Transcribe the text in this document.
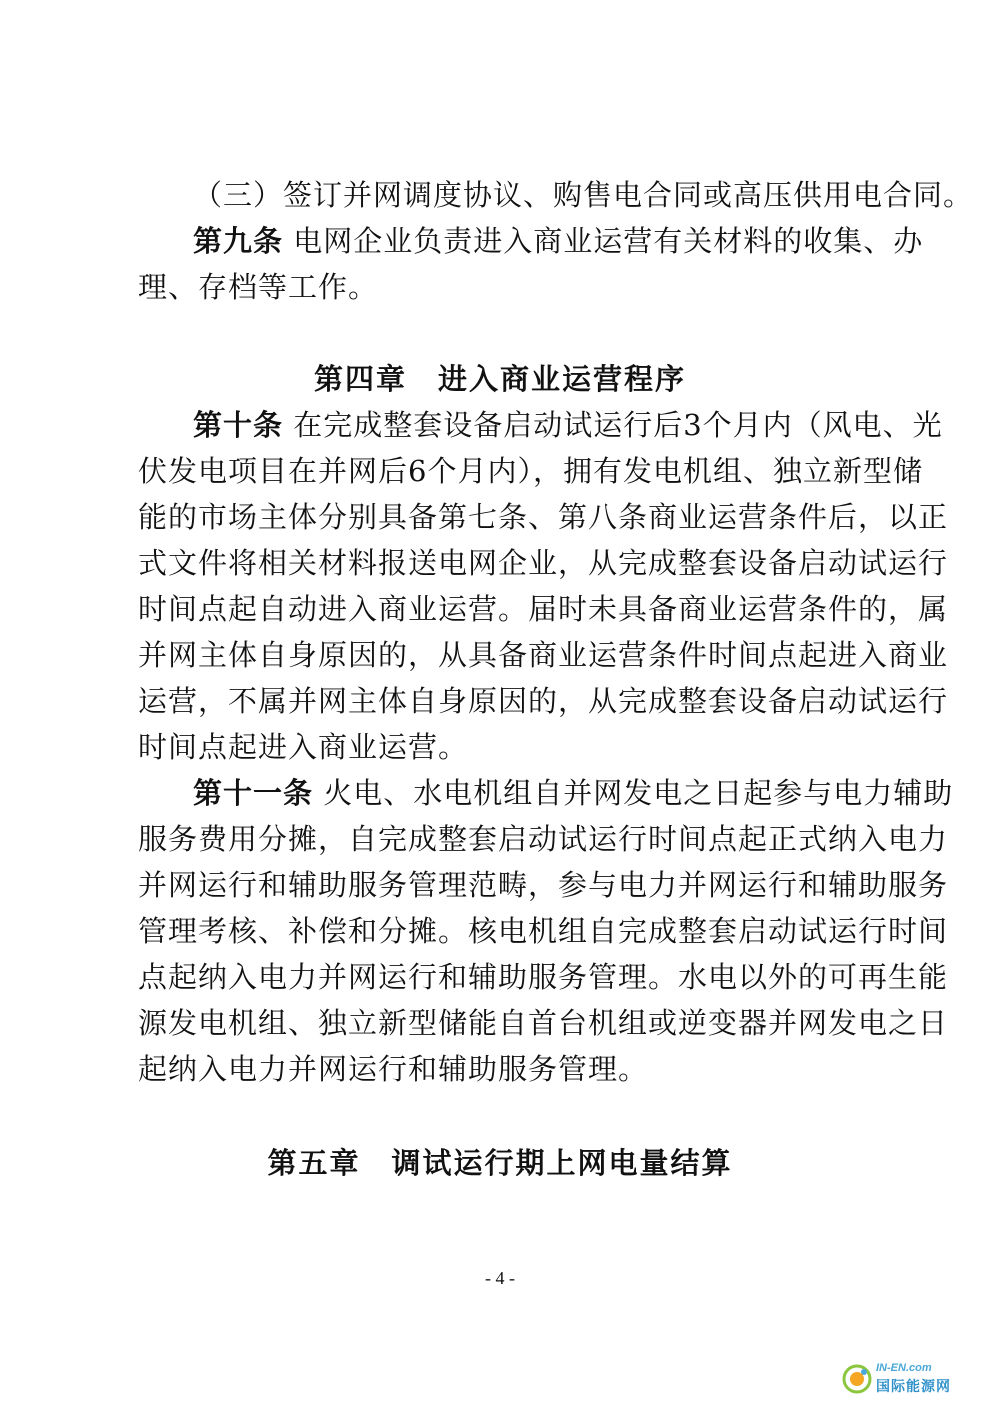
（三）签订并网调度协议、购售电合同或高压供用电合同。
第九条 电网企业负责进入商业运营有关材料的收集、办
理、存档等工作。
第四章　进入商业运营程序
第十条 在完成整套设备启动试运行后3个月内（风电、光
伏发电项目在并网后6个月内），拥有发电机组、独立新型储
能的市场主体分别具备第七条、第八条商业运营条件后，以正
式文件将相关材料报送电网企业，从完成整套设备启动试运行
时间点起自动进入商业运营。届时未具备商业运营条件的，属
并网主体自身原因的，从具备商业运营条件时间点起进入商业
运营，不属并网主体自身原因的，从完成整套设备启动试运行
时间点起进入商业运营。
第十一条 火电、水电机组自并网发电之日起参与电力辅助
服务费用分摊，自完成整套启动试运行时间点起正式纳入电力
并网运行和辅助服务管理范畴，参与电力并网运行和辅助服务
管理考核、补偿和分摊。核电机组自完成整套启动试运行时间
点起纳入电力并网运行和辅助服务管理。水电以外的可再生能
源发电机组、独立新型储能自首台机组或逆变器并网发电之日
起纳入电力并网运行和辅助服务管理。
第五章　调试运行期上网电量结算
- 4 -
IN-EN.com
国际能源网
